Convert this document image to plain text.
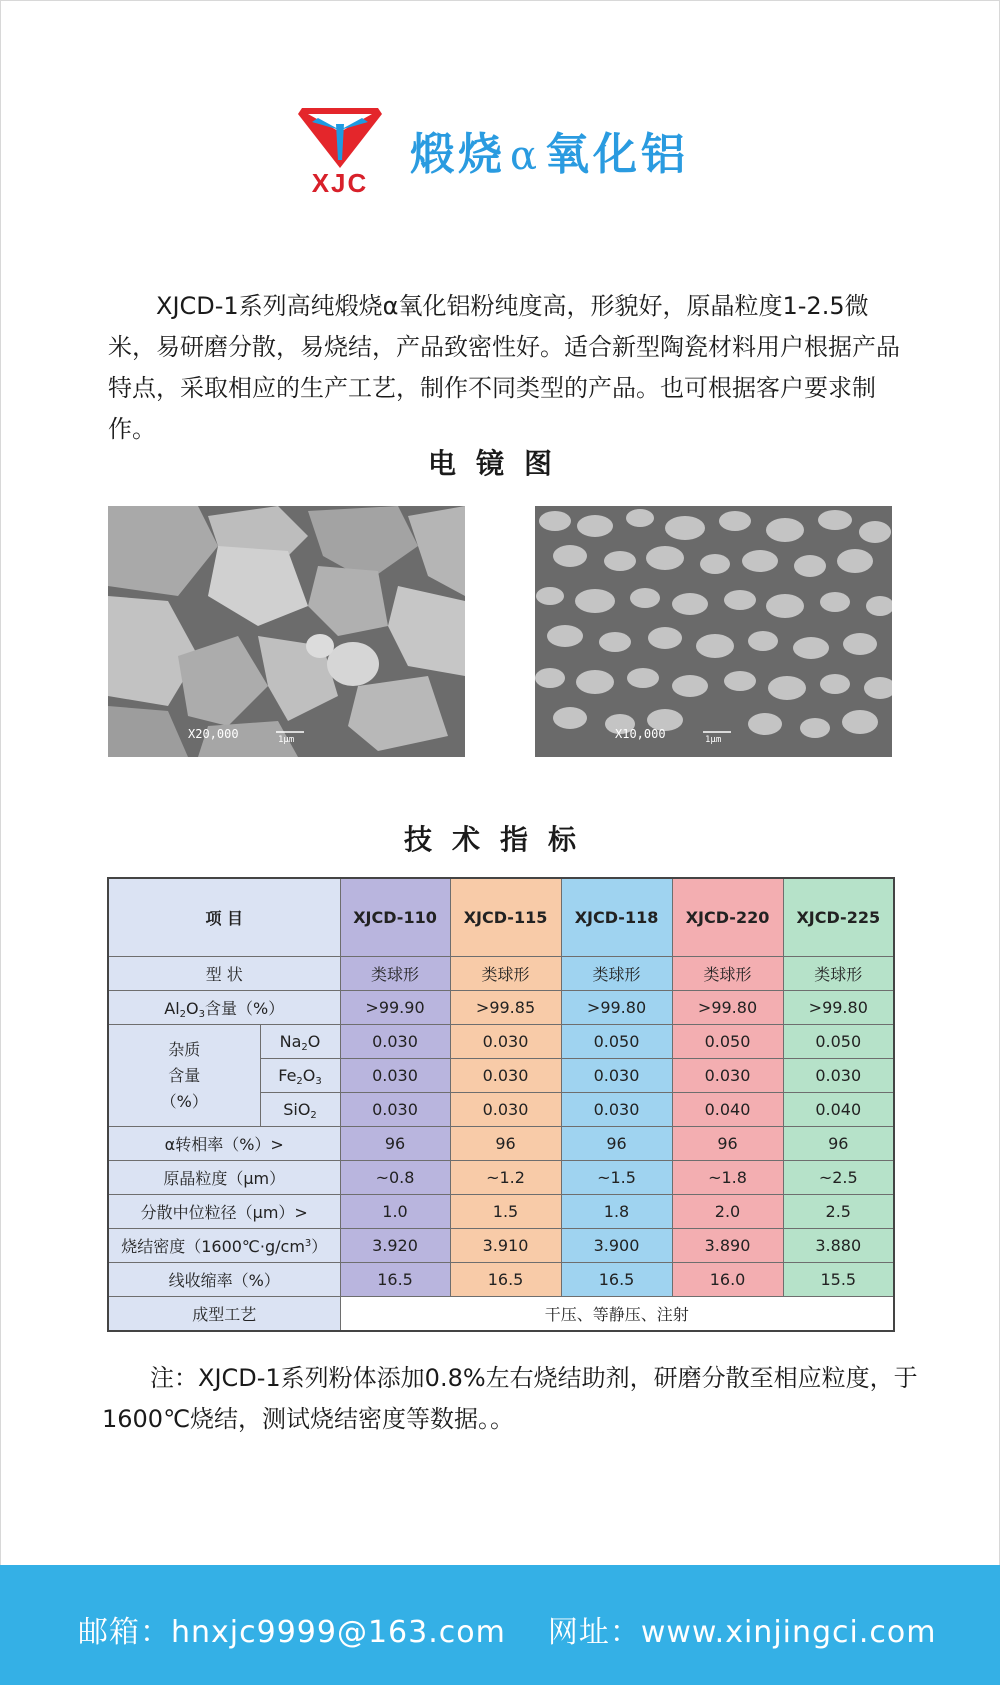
XJC
煅烧 α氧化铝

XJCD-1系列高纯煅烧α氧化铝粉纯度高，形貌好，原晶粒度1-2.5微米，易研磨分散，易烧结，产品致密性好。适合新型陶瓷材料用户根据产品特点，采取相应的生产工艺，制作不同类型的产品。也可根据客户要求制作。

电镜图
X20,000	1μm	X10,000	1μm
技术指标
项 目		XJCD-110	XJCD-115	XJCD-118	XJCD-220	XJCD-225
型 状		类球形	类球形	类球形	类球形	类球形
$Al_2O_3$含量（%）		>99.90	>99.85	>99.80	>99.80	>99.80
杂质
含量
（%）	$Na_2O$	0.030	0.030	0.050	0.050	0.050
	$Fe_2O_3$	0.030	0.030	0.030	0.030	0.030
	SiO$_2$	0.030	0.030	0.030	0.040	0.040
α转相率（%）>		96	96	96	96	96
原晶粒度（μm）		~0.8	~1.2	~1.5	~1.8	~2.5
分散中位粒径（μm）>		1.0	1.5	1.8	2.0	2.5
烧结密度$(1600℃\cdot g/cm^3)$		3.920	3.910	3.900	3.890	3.880
线收缩率（%）		16.5	16.5	16.5	16.0	15.5
成型工艺		干压、等静压、注射				

注：XJCD-1系列粉体添加0.8%左右烧结助剂，研磨分散至相应粒度，于1600℃烧结，测试烧结密度等数据。。

邮箱：hnxjc9999@163.com 网址：www.xinjingci.com
